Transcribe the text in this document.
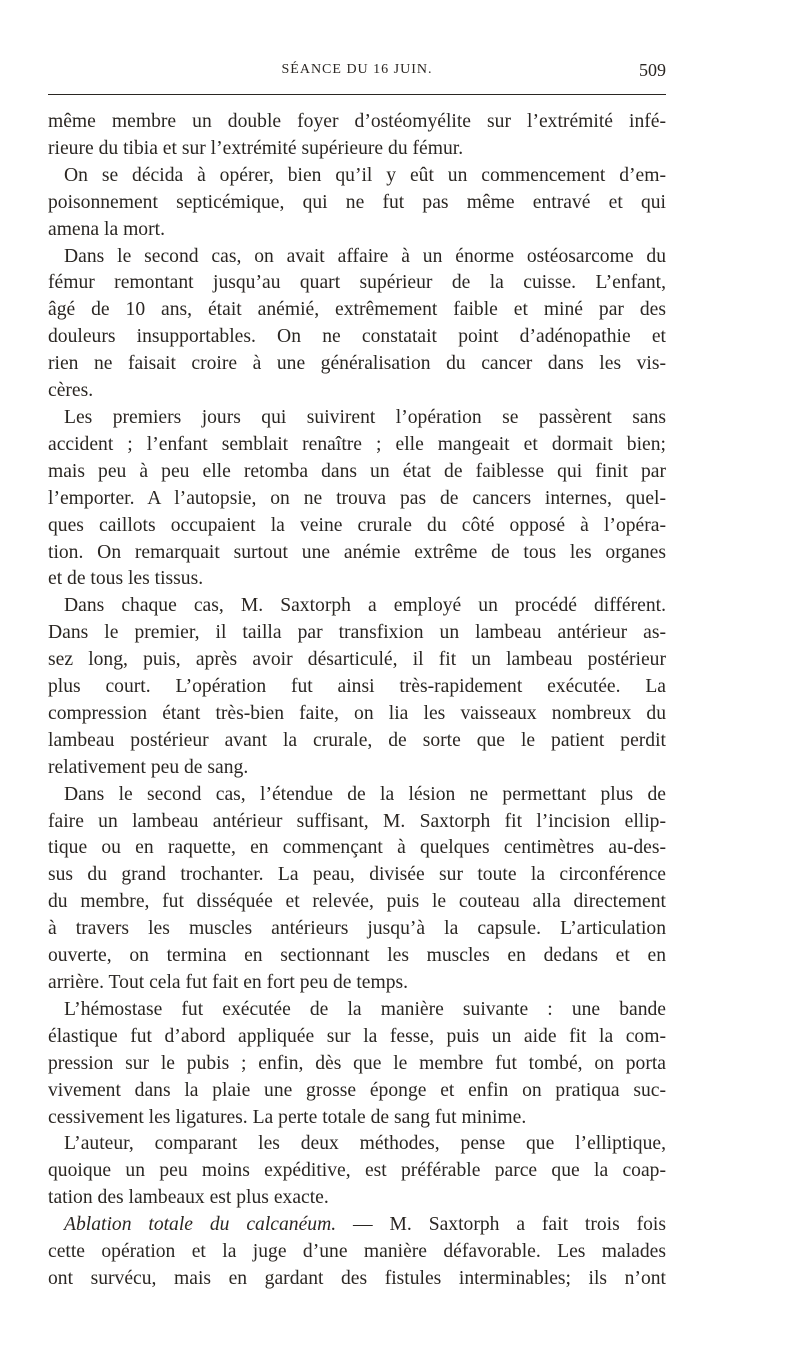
SÉANCE DU 16 JUIN.	509
même membre un double foyer d’ostéomyélite sur l’extrémité infé-
rieure du tibia et sur l’extrémité supérieure du fémur.
On se décida à opérer, bien qu’il y eût un commencement d’em-
poisonnement septicémique, qui ne fut pas même entravé et qui
amena la mort.
Dans le second cas, on avait affaire à un énorme ostéosarcome du
fémur remontant jusqu’au quart supérieur de la cuisse. L’enfant,
âgé de 10 ans, était anémié, extrêmement faible et miné par des
douleurs insupportables. On ne constatait point d’adénopathie et
rien ne faisait croire à une généralisation du cancer dans les vis-
cères.
Les premiers jours qui suivirent l’opération se passèrent sans
accident ; l’enfant semblait renaître ; elle mangeait et dormait bien;
mais peu à peu elle retomba dans un état de faiblesse qui finit par
l’emporter. A l’autopsie, on ne trouva pas de cancers internes, quel-
ques caillots occupaient la veine crurale du côté opposé à l’opéra-
tion. On remarquait surtout une anémie extrême de tous les organes
et de tous les tissus.
Dans chaque cas, M. Saxtorph a employé un procédé différent.
Dans le premier, il tailla par transfixion un lambeau antérieur as-
sez long, puis, après avoir désarticulé, il fit un lambeau postérieur
plus court. L’opération fut ainsi très-rapidement exécutée. La
compression étant très-bien faite, on lia les vaisseaux nombreux du
lambeau postérieur avant la crurale, de sorte que le patient perdit
relativement peu de sang.
Dans le second cas, l’étendue de la lésion ne permettant plus de
faire un lambeau antérieur suffisant, M. Saxtorph fit l’incision ellip-
tique ou en raquette, en commençant à quelques centimètres au-des-
sus du grand trochanter. La peau, divisée sur toute la circonférence
du membre, fut disséquée et relevée, puis le couteau alla directement
à travers les muscles antérieurs jusqu’à la capsule. L’articulation
ouverte, on termina en sectionnant les muscles en dedans et en
arrière. Tout cela fut fait en fort peu de temps.
L’hémostase fut exécutée de la manière suivante : une bande
élastique fut d’abord appliquée sur la fesse, puis un aide fit la com-
pression sur le pubis ; enfin, dès que le membre fut tombé, on porta
vivement dans la plaie une grosse éponge et enfin on pratiqua suc-
cessivement les ligatures. La perte totale de sang fut minime.
L’auteur, comparant les deux méthodes, pense que l’elliptique,
quoique un peu moins expéditive, est préférable parce que la coap-
tation des lambeaux est plus exacte.
Ablation totale du calcanéum. — M. Saxtorph a fait trois fois
cette opération et la juge d’une manière défavorable. Les malades
ont survécu, mais en gardant des fistules interminables; ils n’ont
